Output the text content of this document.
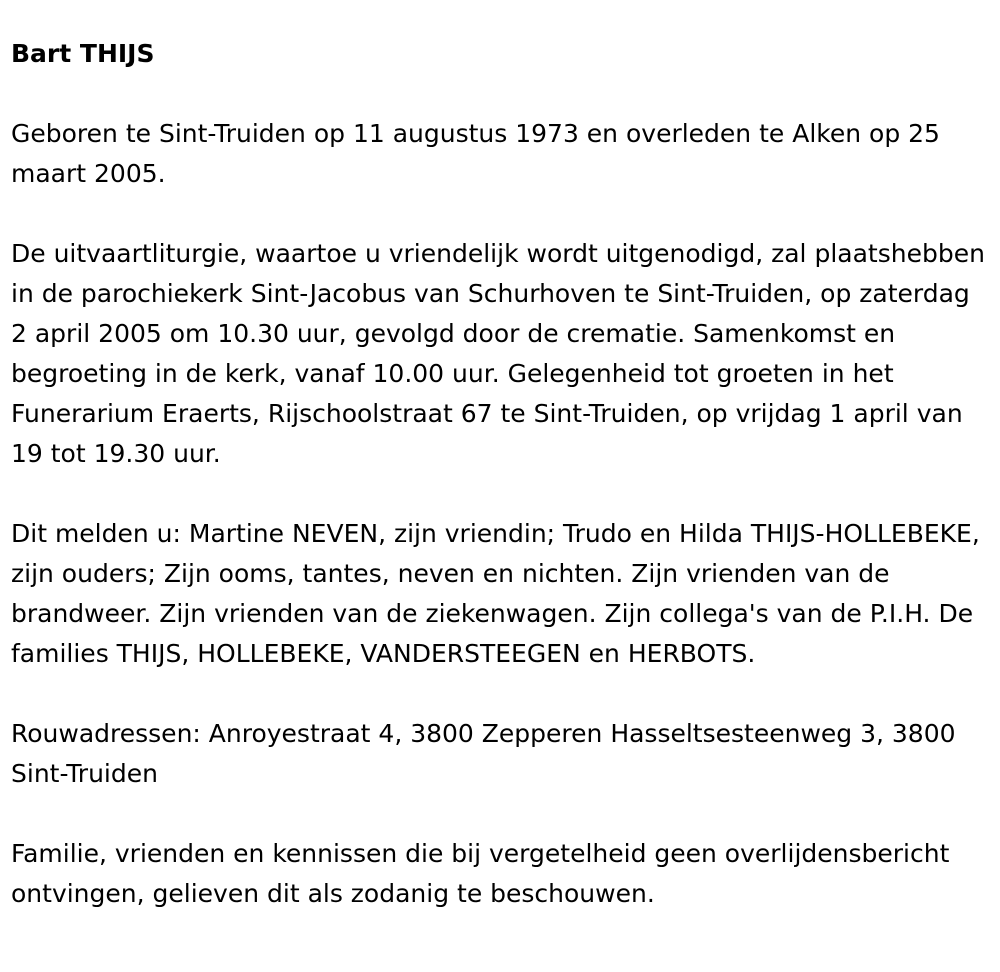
Bart THIJS

Geboren te Sint-Truiden op 11 augustus 1973 en overleden te Alken op 25 maart 2005.

De uitvaartliturgie, waartoe u vriendelijk wordt uitgenodigd, zal plaatshebben in de parochiekerk Sint-Jacobus van Schurhoven te Sint-Truiden, op zaterdag 2 april 2005 om 10.30 uur, gevolgd door de crematie. Samenkomst en begroeting in de kerk, vanaf 10.00 uur. Gelegenheid tot groeten in het Funerarium Eraerts, Rijschoolstraat 67 te Sint-Truiden, op vrijdag 1 april van 19 tot 19.30 uur.

Dit melden u: Martine NEVEN, zijn vriendin; Trudo en Hilda THIJS-HOLLEBEKE, zijn ouders; Zijn ooms, tantes, neven en nichten. Zijn vrienden van de brandweer. Zijn vrienden van de ziekenwagen. Zijn collega's van de P.I.H. De families THIJS, HOLLEBEKE, VANDERSTEEGEN en HERBOTS.

Rouwadressen: Anroyestraat 4, 3800 Zepperen Hasseltsesteenweg 3, 3800 Sint-Truiden

Familie, vrienden en kennissen die bij vergetelheid geen overlijdensbericht ontvingen, gelieven dit als zodanig te beschouwen.
